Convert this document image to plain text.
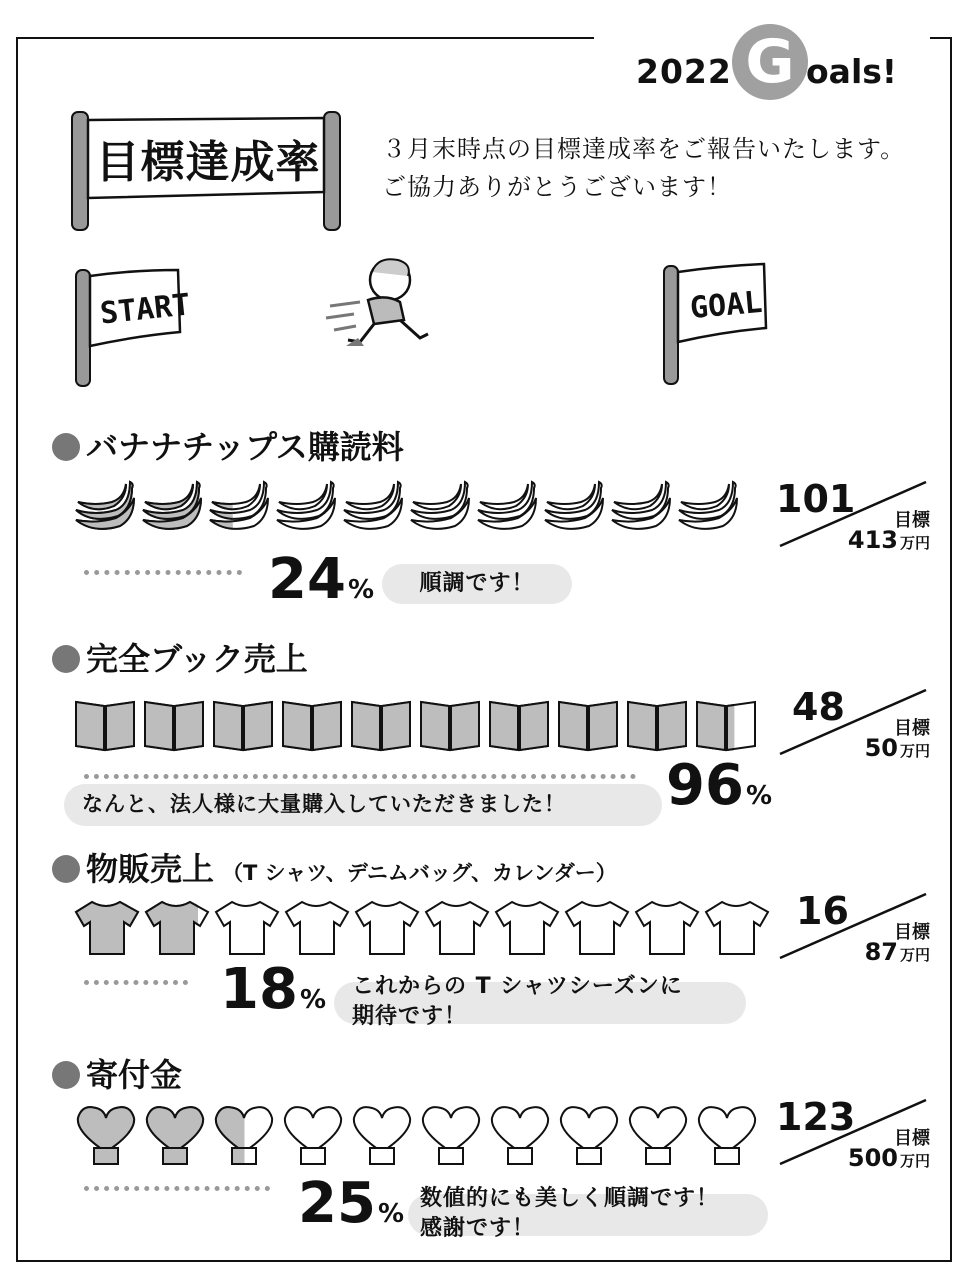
2022 G oals!
目標達成率	３月末時点の目標達成率をご報告いたします。
ご協力ありがとうございます！
START	GOAL
バナナチップス購読料
24%	順調です！
101 目標
413 万円
完全ブック売上
なんと、法人様に大量購入していただきました！	96%
48	目標
50 万円
物販売上 （T シャツ、デニムバッグ、カレンダー）
18% これからの T シャツシーズンに
期待です！
16	目標
87 万円
寄付金
25%
数値的にも美しく順調です！
感謝です！
123 目標
500 万円
